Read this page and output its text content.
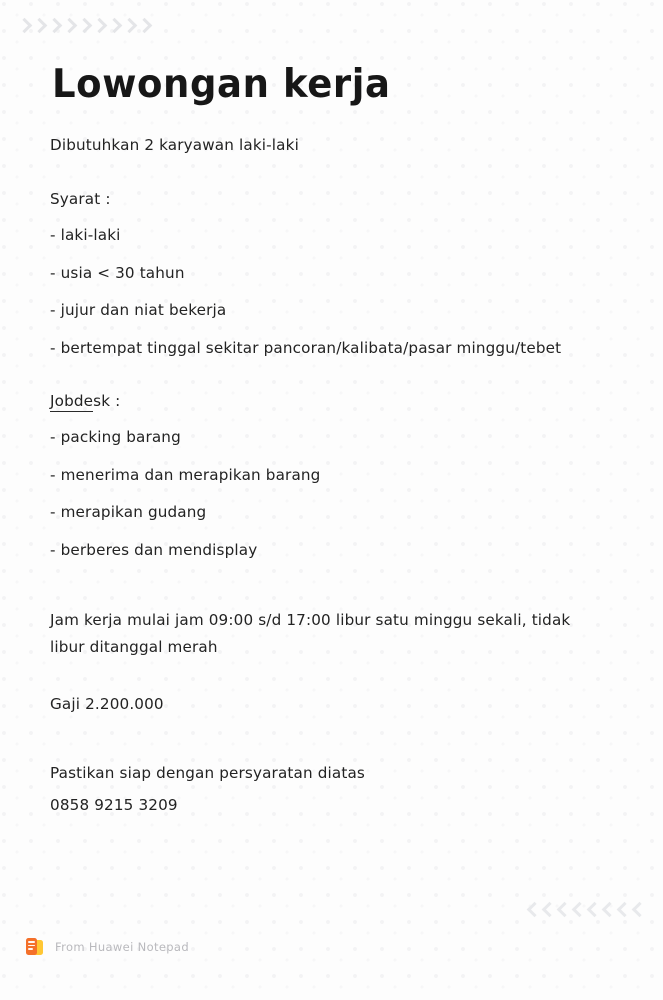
Lowongan kerja

Dibutuhkan 2 karyawan laki-laki

Syarat :

- laki-laki
- usia < 30 tahun
- jujur dan niat bekerja
- bertempat tinggal sekitar pancoran/kalibata/pasar minggu/tebet

Jobdesk :

- packing barang
- menerima dan merapikan barang
- merapikan gudang
- berberes dan mendisplay

Jam kerja mulai jam 09:00 s/d 17:00 libur satu minggu sekali, tidak libur ditanggal merah

Gaji 2.200.000

Pastikan siap dengan persyaratan diatas

0858 9215 3209

From Huawei Notepad
